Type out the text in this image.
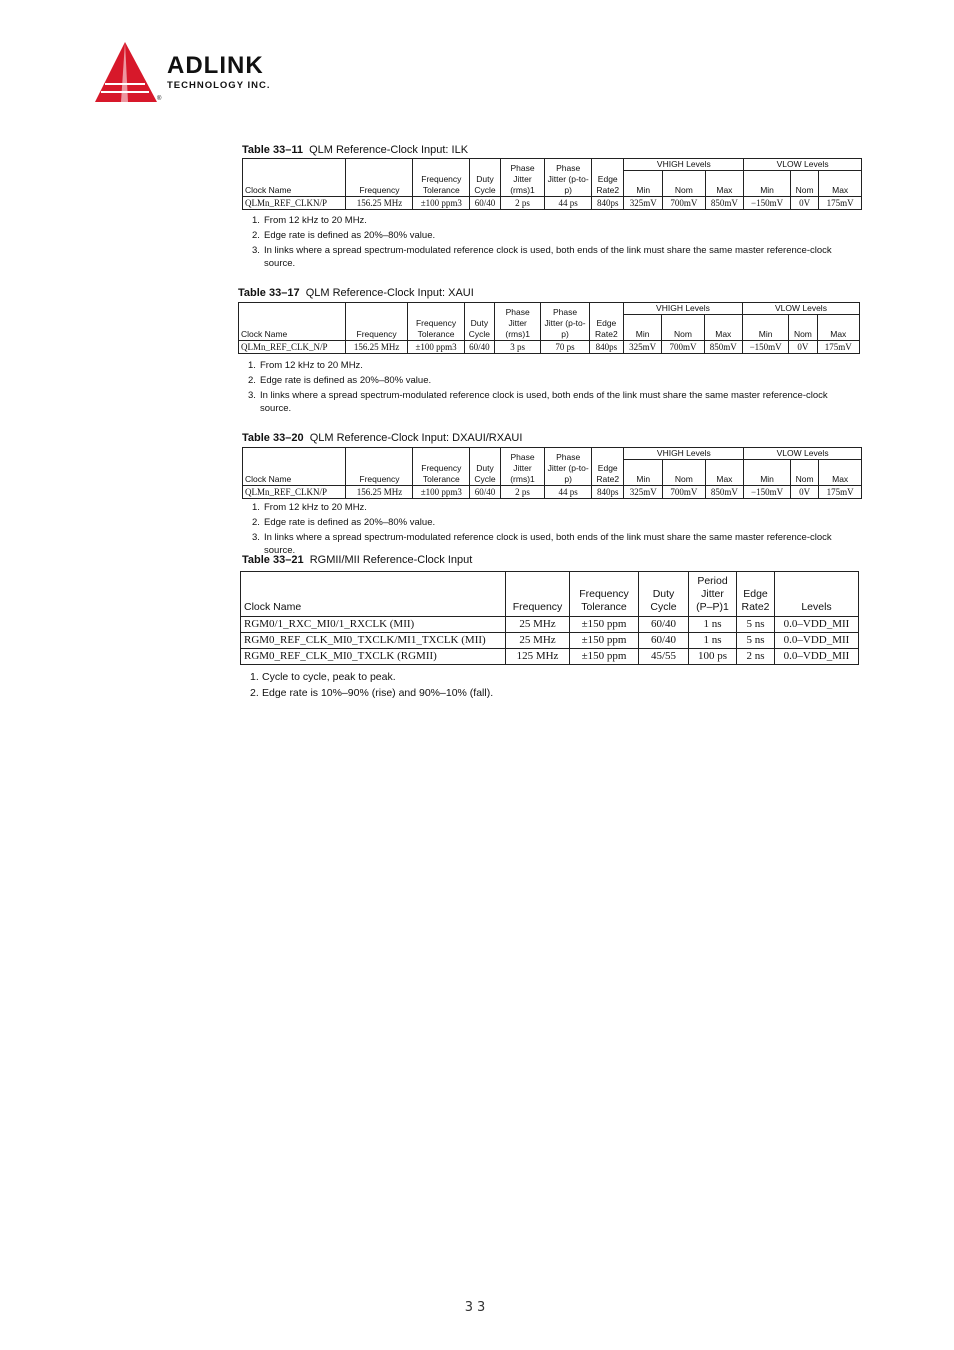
ADLINK
TECHNOLOGY INC.
®
Table 33–11 QLM Reference-Clock Input: ILK
Clock Name	Frequency	Frequency Tolerance	Duty Cycle	Phase Jitter (rms)1	Phase Jitter (p-to-p)	Edge Rate2	VHIGH Levels			VLOW Levels		
							Min	Nom	Max	Min	Nom	Max
QLMn_REF_CLKN/P	156.25 MHz	±100 ppm3	60/40	2 ps	44 ps	840ps	325mV	700mV	850mV	−150mV	0V	175mV
1. From 12 kHz to 20 MHz.
2. Edge rate is defined as 20%–80% value.
3. In links where a spread spectrum-modulated reference clock is used, both ends of the link must share the same master reference-clock source.
Table 33–17 QLM Reference-Clock Input: XAUI
Clock Name	Frequency	Frequency Tolerance	Duty Cycle	Phase Jitter (rms)1	Phase Jitter (p-to-p)	Edge Rate2	VHIGH Levels			VLOW Levels		
							Min	Nom	Max	Min	Nom	Max
QLMn_REF_CLK_N/P	156.25 MHz	±100 ppm3	60/40	3 ps	70 ps	840ps	325mV	700mV	850mV	−150mV	0V	175mV
1. From 12 kHz to 20 MHz.
2. Edge rate is defined as 20%–80% value.
3. In links where a spread spectrum-modulated reference clock is used, both ends of the link must share the same master reference-clock source.
Table 33–20 QLM Reference-Clock Input: DXAUI/RXAUI
Clock Name	Frequency	Frequency Tolerance	Duty Cycle	Phase Jitter (rms)1	Phase Jitter (p-to-p)	Edge Rate2	VHIGH Levels			VLOW Levels		
							Min	Nom	Max	Min	Nom	Max
QLMn_REF_CLKN/P	156.25 MHz	±100 ppm3	60/40	2 ps	44 ps	840ps	325mV	700mV	850mV	−150mV	0V	175mV
1. From 12 kHz to 20 MHz.
2. Edge rate is defined as 20%–80% value.
3. In links where a spread spectrum-modulated reference clock is used, both ends of the link must share the same master reference-clock source.
Table 33–21 RGMII/MII Reference-Clock Input
Clock Name	Frequency	Frequency Tolerance	Duty Cycle	Period Jitter (P–P)1	Edge Rate2	Levels
RGM0/1_RXC_MI0/1_RXCLK (MII)	25 MHz	±150 ppm	60/40	1 ns	5 ns	0.0–VDD_MII
RGM0_REF_CLK_MI0_TXCLK/MI1_TXCLK (MII)	25 MHz	±150 ppm	60/40	1 ns	5 ns	0.0–VDD_MII
RGM0_REF_CLK_MI0_TXCLK (RGMII)	125 MHz	±150 ppm	45/55	100 ps	2 ns	0.0–VDD_MII
1. Cycle to cycle, peak to peak.
2. Edge rate is 10%–90% (rise) and 90%–10% (fall).
33
